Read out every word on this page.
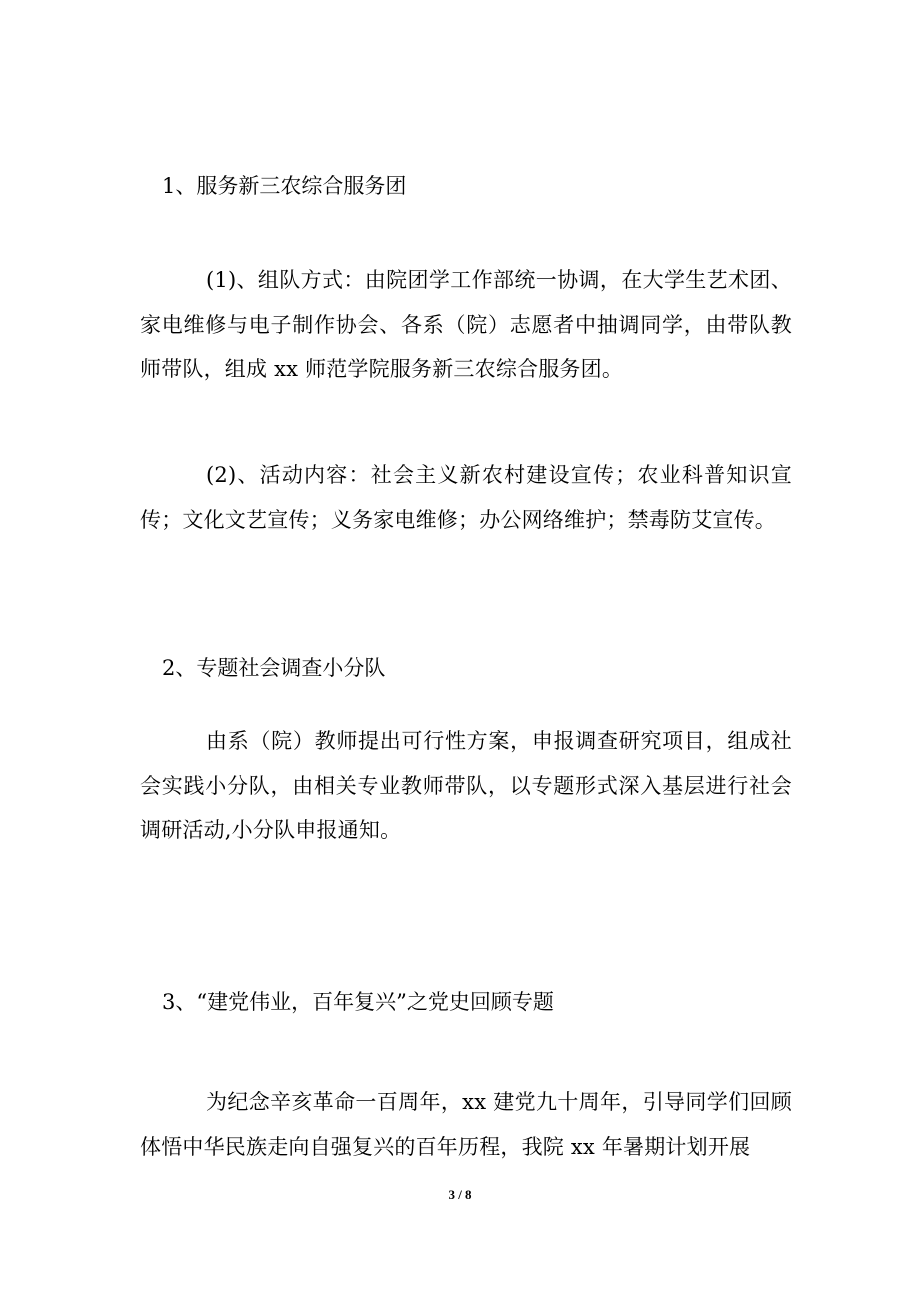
1、服务新三农综合服务团
(1)、组队方式：由院团学工作部统一协调，在大学生艺术团、家电维修与电子制作协会、各系（院）志愿者中抽调同学，由带队教师带队，组成 xx 师范学院服务新三农综合服务团。
(2)、活动内容：社会主义新农村建设宣传；农业科普知识宣传；文化文艺宣传；义务家电维修；办公网络维护；禁毒防艾宣传。
2、专题社会调查小分队
由系（院）教师提出可行性方案，申报调查研究项目，组成社会实践小分队，由相关专业教师带队，以专题形式深入基层进行社会调研活动,小分队申报通知。
3、“建党伟业，百年复兴”之党史回顾专题
为纪念辛亥革命一百周年，xx 建党九十周年，引导同学们回顾体悟中华民族走向自强复兴的百年历程，我院 xx 年暑期计划开展
3 / 8
